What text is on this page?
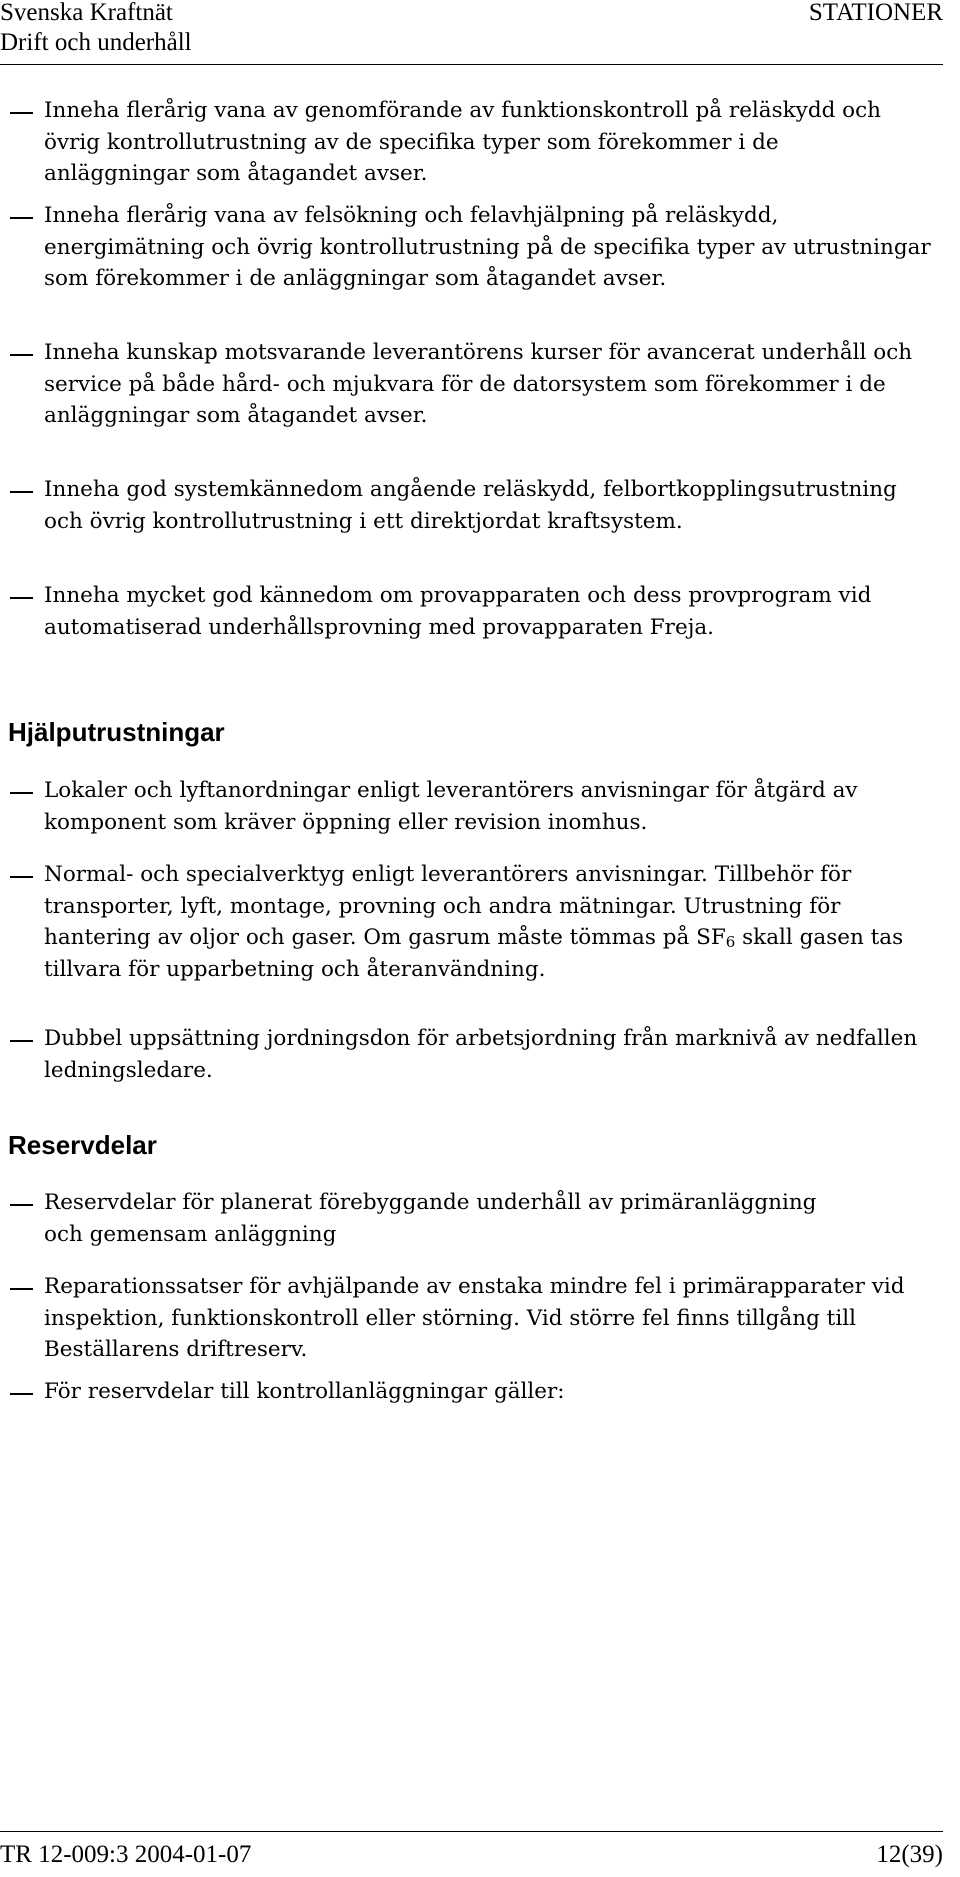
Svenska Kraftnät
Drift och underhåll
STATIONER

Inneha flerårig vana av genomförande av funktionskontroll på reläskydd och övrig kontrollutrustning av de specifika typer som förekommer i de anläggningar som åtagandet avser.

Inneha flerårig vana av felsökning och felavhjälpning på reläskydd, energimätning och övrig kontrollutrustning på de specifika typer av utrustningar som förekommer i de anläggningar som åtagandet avser.

Inneha kunskap motsvarande leverantörens kurser för avancerat underhåll och service på både hård- och mjukvara för de datorsystem som förekommer i de anläggningar som åtagandet avser.

Inneha god systemkännedom angående reläskydd, felbortkopplingsutrustning och övrig kontrollutrustning i ett direktjordat kraftsystem.

Inneha mycket god kännedom om provapparaten och dess provprogram vid automatiserad underhållsprovning med provapparaten Freja.

Hjälputrustningar

Lokaler och lyftanordningar enligt leverantörers anvisningar för åtgärd av komponent som kräver öppning eller revision inomhus.

Normal- och specialverktyg enligt leverantörers anvisningar. Tillbehör för transporter, lyft, montage, provning och andra mätningar. Utrustning för hantering av oljor och gaser. Om gasrum måste tömmas på $SF_6$ skall gasen tas tillvara för upparbetning och återanvändning.

Dubbel uppsättning jordningsdon för arbetsjordning från marknivå av nedfallen ledningsledare.

Reservdelar

Reservdelar för planerat förebyggande underhåll av primäranläggning och gemensam anläggning

Reparationssatser för avhjälpande av enstaka mindre fel i primärapparater vid inspektion, funktionskontroll eller störning. Vid större fel finns tillgång till Beställarens driftreserv.

För reservdelar till kontrollanläggningar gäller:

TR 12-009:3 2004-01-07	12(39)
